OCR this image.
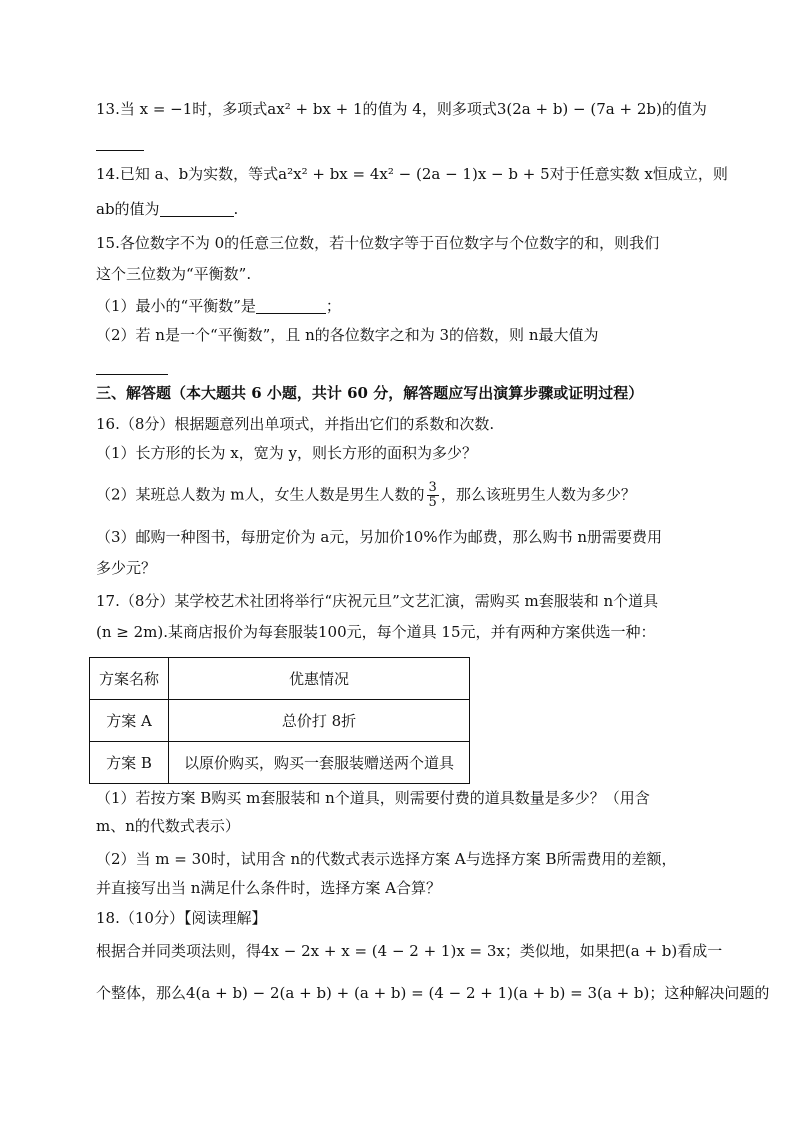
13.当 x = −1时，多项式ax² + bx + 1的值为 4，则多项式3(2a + b) − (7a + 2b)的值为
14.已知 a、b为实数，等式a²x² + bx = 4x² − (2a − 1)x − b + 5对于任意实数 x恒成立，则
ab的值为	.
15.各位数字不为 0的任意三位数，若十位数字等于百位数字与个位数字的和，则我们
这个三位数为“平衡数”.
（1）最小的“平衡数”是	；
（2）若 n是一个“平衡数”，且 n的各位数字之和为 3的倍数，则 n最大值为
三、解答题（本大题共 6 小题，共计 60 分，解答题应写出演算步骤或证明过程）
16.（8分）根据题意列出单项式，并指出它们的系数和次数.
（1）长方形的长为 x，宽为 y，则长方形的面积为多少？
（2）某班总人数为 m人，女生人数是男生人数的 $\frac{3}{5}$ ，那么该班男生人数为多少？
（3）邮购一种图书，每册定价为 a元，另加价10%作为邮费，那么购书 n册需要费用
多少元？
17.（8分）某学校艺术社团将举行“庆祝元旦”文艺汇演，需购买 m套服装和 n个道具
(n ≥ 2m).某商店报价为每套服装100元，每个道具 15元，并有两种方案供选一种：
方案名称	优惠情况
方案 A	总价打 8折
方案 B	以原价购买，购买一套服装赠送两个道具
（1）若按方案 B购买 m套服装和 n个道具，则需要付费的道具数量是多少？（用含
m、n的代数式表示）
（2）当 m = 30时，试用含 n的代数式表示选择方案 A与选择方案 B所需费用的差额，
并直接写出当 n满足什么条件时，选择方案 A合算？
18.（10分）【阅读理解】
根据合并同类项法则，得4x − 2x + x = (4 − 2 + 1)x = 3x；类似地，如果把(a + b)看成一
个整体，那么4(a + b) − 2(a + b) + (a + b) = (4 − 2 + 1)(a + b) = 3(a + b)；这种解决问题的
